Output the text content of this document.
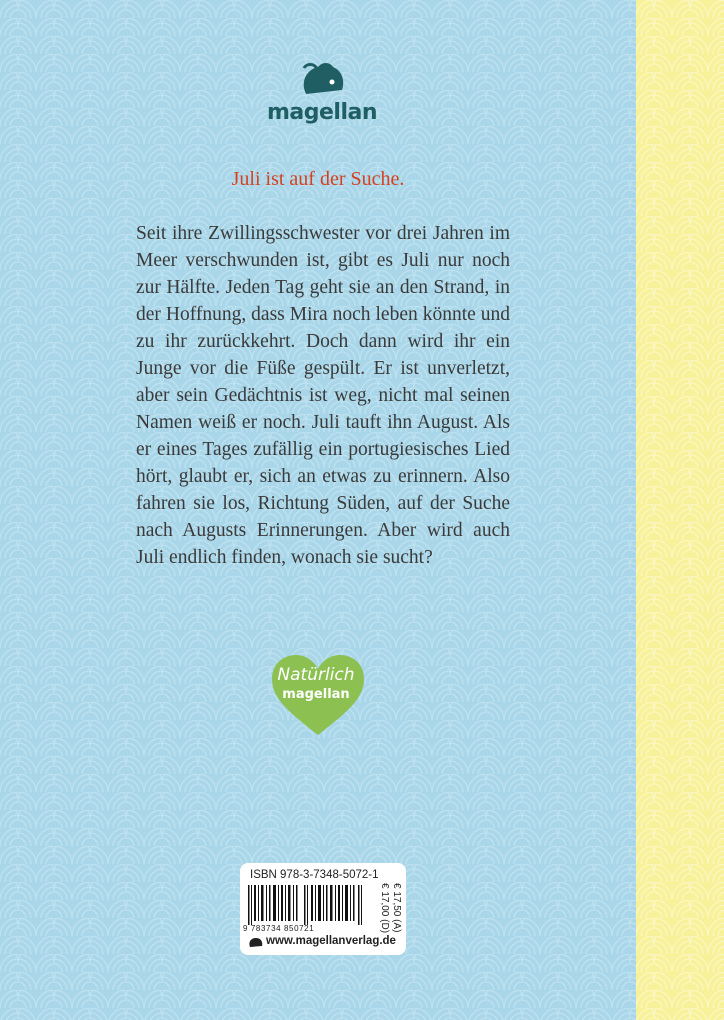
magellan
Juli ist auf der Suche.

Seit ihre Zwillingsschwester vor drei Jahren im Meer verschwunden ist, gibt es Juli nur noch zur Hälfte. Jeden Tag geht sie an den Strand, in der Hoffnung, dass Mira noch leben könnte und zu ihr zurückkehrt. Doch dann wird ihr ein Junge vor die Füße gespült. Er ist unverletzt, aber sein Gedächtnis ist weg, nicht mal seinen Namen weiß er noch. Juli tauft ihn August. Als er eines Tages zufällig ein portugiesisches Lied hört, glaubt er, sich an etwas zu erinnern. Also fahren sie los, Richtung Süden, auf der Suche nach Augusts Erinnerungen. Aber wird auch Juli endlich finden, wonach sie sucht?

Natürlich
magellan
ISBN 978-3-7348-5072-1
9 783734 850721	€ 17,00 (D) € 17,50 (A)
www.magellanverlag.de
